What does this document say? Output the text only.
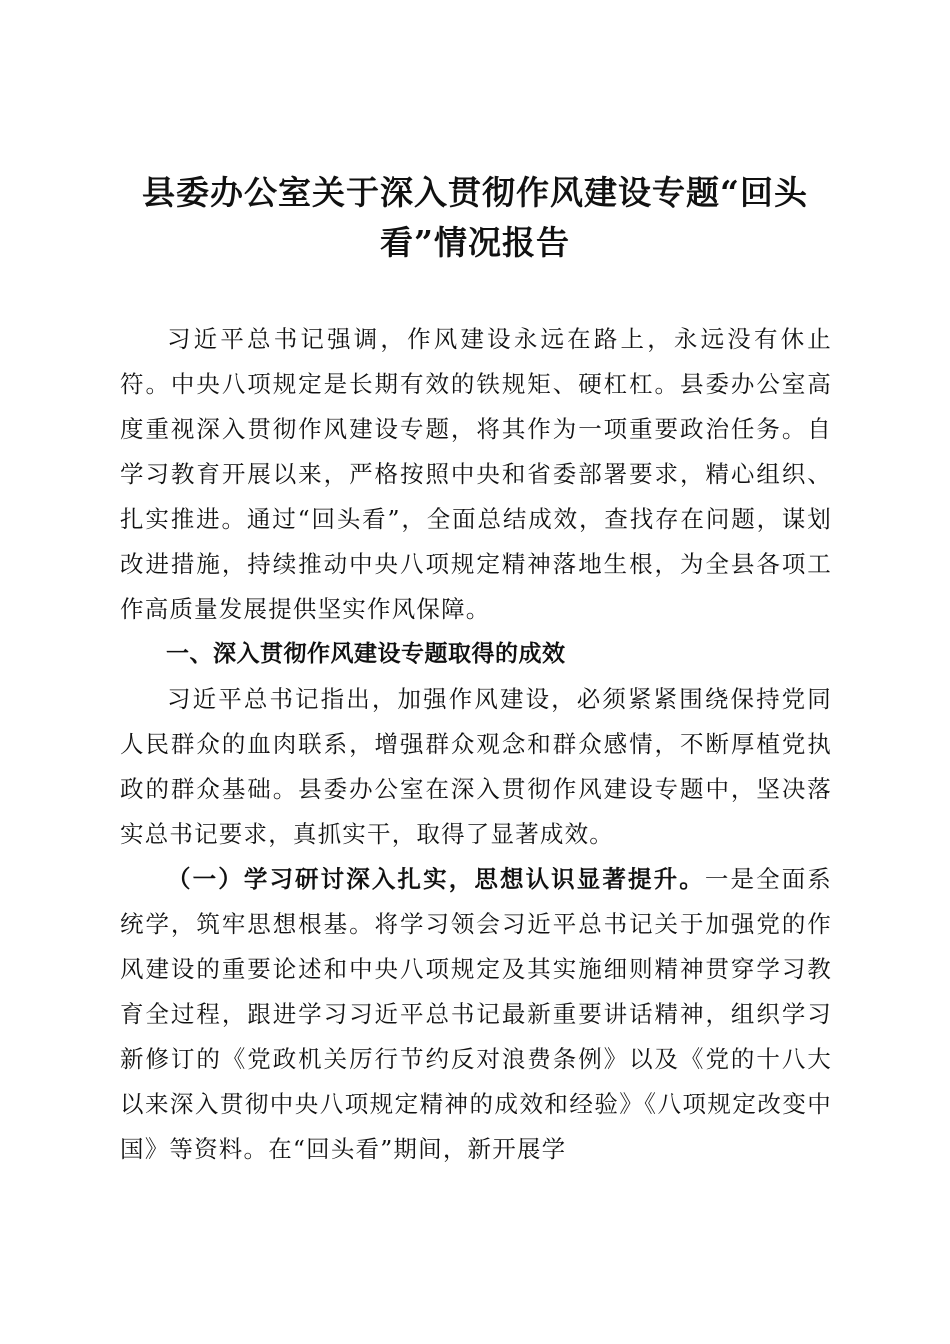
县委办公室关于深入贯彻作风建设专题“回头
看”情况报告

习近平总书记强调，作风建设永远在路上，永远没有休止符。中央八项规定是长期有效的铁规矩、硬杠杠。县委办公室高度重视深入贯彻作风建设专题，将其作为一项重要政治任务。自学习教育开展以来，严格按照中央和省委部署要求，精心组织、扎实推进。通过“回头看”，全面总结成效，查找存在问题，谋划改进措施，持续推动中央八项规定精神落地生根，为全县各项工作高质量发展提供坚实作风保障。

一、深入贯彻作风建设专题取得的成效

习近平总书记指出，加强作风建设，必须紧紧围绕保持党同人民群众的血肉联系，增强群众观念和群众感情，不断厚植党执政的群众基础。县委办公室在深入贯彻作风建设专题中，坚决落实总书记要求，真抓实干，取得了显著成效。

（一）学习研讨深入扎实，思想认识显著提升。一是全面系统学，筑牢思想根基。将学习领会习近平总书记关于加强党的作风建设的重要论述和中央八项规定及其实施细则精神贯穿学习教育全过程，跟进学习习近平总书记最新重要讲话精神，组织学习新修订的《党政机关厉行节约反对浪费条例》以及《党的十八大以来深入贯彻中央八项规定精神的成效和经验》《八项规定改变中国》等资料。在“回头看”期间，新开展学
